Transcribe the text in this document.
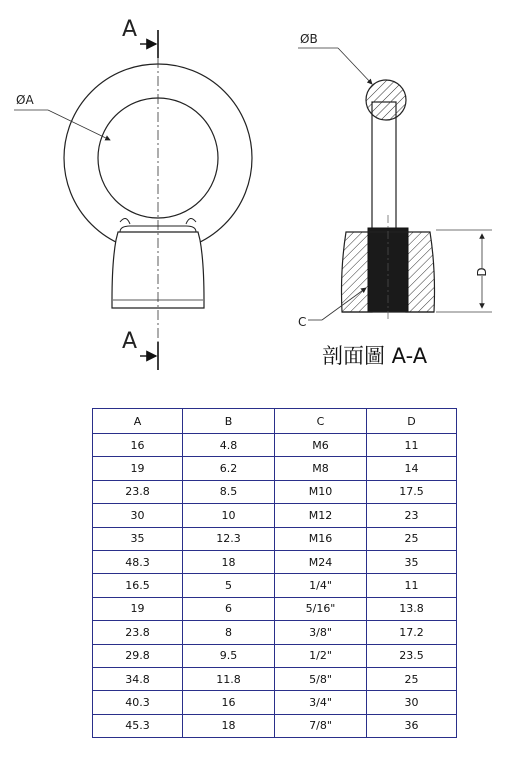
A
A
ØA
ØB
C
D
剖面圖 A-A
A	B	C	D
16	4.8	M6	11
19	6.2	M8	14
23.8	8.5	M10	17.5
30	10	M12	23
35	12.3	M16	25
48.3	18	M24	35
16.5	5	1/4"	11
19	6	5/16"	13.8
23.8	8	3/8"	17.2
29.8	9.5	1/2"	23.5
34.8	11.8	5/8"	25
40.3	16	3/4"	30
45.3	18	7/8"	36
